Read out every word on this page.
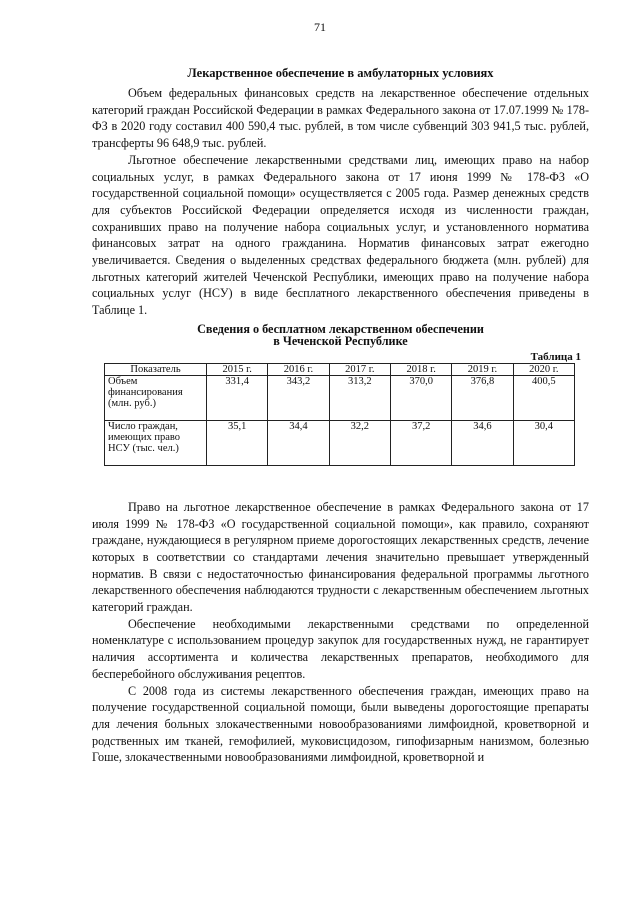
71
Лекарственное обеспечение в амбулаторных условиях

Объем федеральных финансовых средств на лекарственное обеспечение отдельных категорий граждан Российской Федерации в рамках Федерального закона от 17.07.1999 № 178-ФЗ в 2020 году составил 400 590,4 тыс. рублей, в том числе субвенций 303 941,5 тыс. рублей, трансферты 96 648,9 тыс. рублей.

Льготное обеспечение лекарственными средствами лиц, имеющих право на набор социальных услуг, в рамках Федерального закона от 17 июня 1999 № 178-ФЗ «О государственной социальной помощи» осуществляется с 2005 года. Размер денежных средств для субъектов Российской Федерации определяется исходя из численности граждан, сохранивших право на получение набора социальных услуг, и установленного норматива финансовых затрат на одного гражданина. Норматив финансовых затрат ежегодно увеличивается. Сведения о выделенных средствах федерального бюджета (млн. рублей) для льготных категорий жителей Чеченской Республики, имеющих право на получение набора социальных услуг (НСУ) в виде бесплатного лекарственного обеспечения приведены в Таблице 1.

Сведения о бесплатном лекарственном обеспечении
в Чеченской Республике
Таблица 1
Показатель	2015 г.	2016 г.	2017 г.	2018 г.	2019 г.	2020 г.
Объем финансирования (млн. руб.)	331,4	343,2	313,2	370,0	376,8	400,5
Число граждан, имеющих право НСУ (тыс. чел.)	35,1	34,4	32,2	37,2	34,6	30,4

Право на льготное лекарственное обеспечение в рамках Федерального закона от 17 июля 1999 № 178-ФЗ «О государственной социальной помощи», как правило, сохраняют граждане, нуждающиеся в регулярном приеме дорогостоящих лекарственных средств, лечение которых в соответствии со стандартами лечения значительно превышает утвержденный норматив. В связи с недостаточностью финансирования федеральной программы льготного лекарственного обеспечения наблюдаются трудности с лекарственным обеспечением льготных категорий граждан.

Обеспечение необходимыми лекарственными средствами по определенной номенклатуре с использованием процедур закупок для государственных нужд, не гарантирует наличия ассортимента и количества лекарственных препаратов, необходимого для бесперебойного обслуживания рецептов.

С 2008 года из системы лекарственного обеспечения граждан, имеющих право на получение государственной социальной помощи, были выведены дорогостоящие препараты для лечения больных злокачественными новообразованиями лимфоидной, кроветворной и родственных им тканей, гемофилией, муковисцидозом, гипофизарным нанизмом, болезнью Гоше, злокачественными новообразованиями лимфоидной, кроветворной и
